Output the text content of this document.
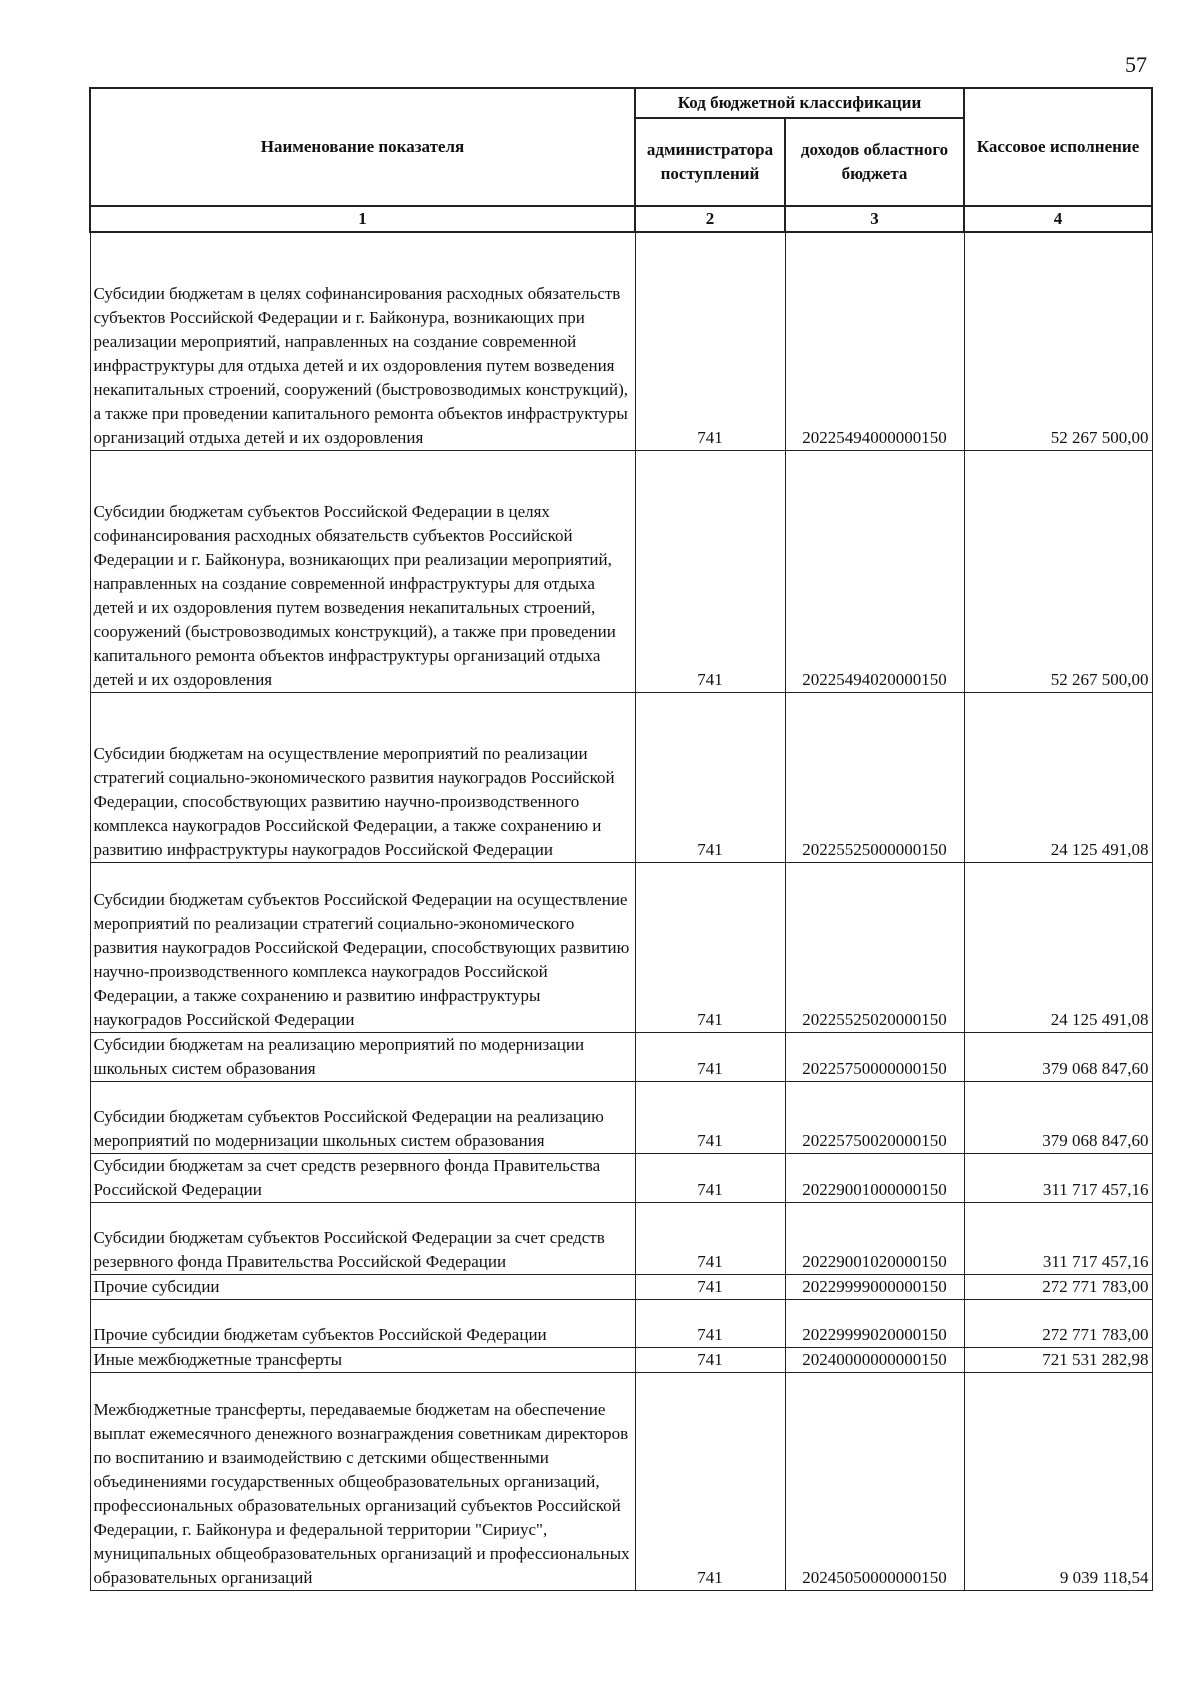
57
Наименование показателя	Код бюджетной классификации		Кассовое исполнение
	администратора поступлений	доходов областного бюджета	
1	2	3	4
Субсидии бюджетам в целях софинансирования расходных обязательств субъектов Российской Федерации и г. Байконура, возникающих при реализации мероприятий, направленных на создание современной инфраструктуры для отдыха детей и их оздоровления путем возведения некапитальных строений, сооружений (быстровозводимых конструкций), а также при проведении капитального ремонта объектов инфраструктуры организаций отдыха детей и их оздоровления	741	20225494000000150	52 267 500,00
Субсидии бюджетам субъектов Российской Федерации в целях софинансирования расходных обязательств субъектов Российской Федерации и г. Байконура, возникающих при реализации мероприятий, направленных на создание современной инфраструктуры для отдыха детей и их оздоровления путем возведения некапитальных строений, сооружений (быстровозводимых конструкций), а также при проведении капитального ремонта объектов инфраструктуры организаций отдыха детей и их оздоровления	741	20225494020000150	52 267 500,00
Субсидии бюджетам на осуществление мероприятий по реализации стратегий социально-экономического развития наукоградов Российской Федерации, способствующих развитию научно-производственного комплекса наукоградов Российской Федерации, а также сохранению и развитию инфраструктуры наукоградов Российской Федерации	741	20225525000000150	24 125 491,08
Субсидии бюджетам субъектов Российской Федерации на осуществление мероприятий по реализации стратегий социально-экономического развития наукоградов Российской Федерации, способствующих развитию научно-производственного комплекса наукоградов Российской Федерации, а также сохранению и развитию инфраструктуры наукоградов Российской Федерации	741	20225525020000150	24 125 491,08
Субсидии бюджетам на реализацию мероприятий по модернизации школьных систем образования	741	20225750000000150	379 068 847,60
Субсидии бюджетам субъектов Российской Федерации на реализацию мероприятий по модернизации школьных систем образования	741	20225750020000150	379 068 847,60
Субсидии бюджетам за счет средств резервного фонда Правительства Российской Федерации	741	20229001000000150	311 717 457,16
Субсидии бюджетам субъектов Российской Федерации за счет средств резервного фонда Правительства Российской Федерации	741	20229001020000150	311 717 457,16
Прочие субсидии	741	20229999000000150	272 771 783,00
Прочие субсидии бюджетам субъектов Российской Федерации	741	20229999020000150	272 771 783,00
Иные межбюджетные трансферты	741	20240000000000150	721 531 282,98
Межбюджетные трансферты, передаваемые бюджетам на обеспечение выплат ежемесячного денежного вознаграждения советникам директоров по воспитанию и взаимодействию с детскими общественными объединениями государственных общеобразовательных организаций, профессиональных образовательных организаций субъектов Российской Федерации, г. Байконура и федеральной территории "Сириус", муниципальных общеобразовательных организаций и профессиональных образовательных организаций	741	20245050000000150	9 039 118,54
